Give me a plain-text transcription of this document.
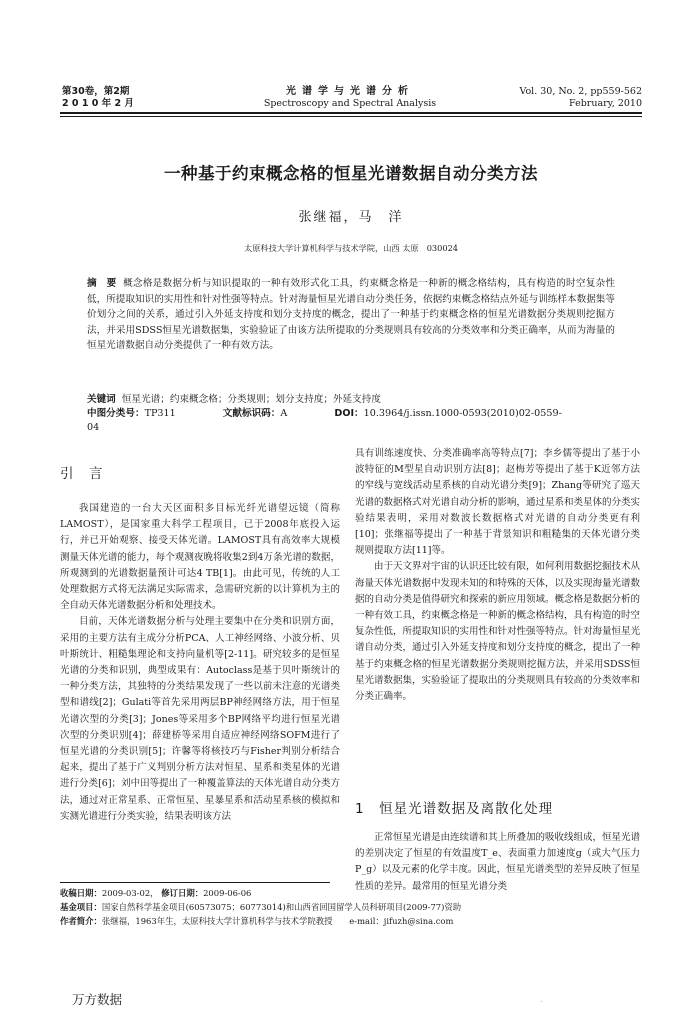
第30卷，第2期
2 0 1 0 年 2 月
光谱学与光谱分析
Spectroscopy and Spectral Analysis
Vol. 30, No. 2, pp559-562
February, 2010
一种基于约束概念格的恒星光谱数据自动分类方法
张继福，马　洋
太原科技大学计算机科学与技术学院，山西 太原　030024
摘　要 概念格是数据分析与知识提取的一种有效形式化工具，约束概念格是一种新的概念格结构，具有构造的时空复杂性低，所提取知识的实用性和针对性强等特点。针对海量恒星光谱自动分类任务，依据约束概念格结点外延与训练样本数据集等价划分之间的关系，通过引入外延支持度和划分支持度的概念，提出了一种基于约束概念格的恒星光谱数据分类规则挖掘方法，并采用SDSS恒星光谱数据集，实验验证了由该方法所提取的分类规则具有较高的分类效率和分类正确率，从而为海量的恒星光谱数据自动分类提供了一种有效方法。
关键词 恒星光谱；约束概念格；分类规则；划分支持度；外延支持度
中图分类号：TP311	文献标识码：A	DOI：10.3964/j.issn.1000-0593(2010)02-0559-04
引　言

我国建造的一台大天区面积多目标光纤光谱望远镜（简称LAMOST），是国家重大科学工程项目，已于2008年底投入运行，并已开始观察、接受天体光谱。LAMOST具有高效率大规模测量天体光谱的能力，每个观测夜晚将收集2到4万条光谱的数据，所观测到的光谱数据量预计可达4 TB[1]。由此可见，传统的人工处理数据方式将无法满足实际需求，急需研究新的以计算机为主的全自动天体光谱数据分析和处理技术。

目前，天体光谱数据分析与处理主要集中在分类和识别方面，采用的主要方法有主成分分析PCA、人工神经网络、小波分析、贝叶斯统计、粗糙集理论和支持向量机等[2-11]。研究较多的是恒星光谱的分类和识别，典型成果有：Autoclass是基于贝叶斯统计的一种分类方法，其独特的分类结果发现了一些以前未注意的光谱类型和谱线[2]；Gulati等首先采用两层BP神经网络方法，用于恒星光谱次型的分类[3]；Jones等采用多个BP网络平均进行恒星光谱次型的分类识别[4]；薛建桥等采用自适应神经网络SOFM进行了恒星光谱的分类识别[5]；许馨等将核技巧与Fisher判别分析结合起来，提出了基于广义判别分析方法对恒星、星系和类星体的光谱进行分类[6]；刘中田等提出了一种覆盖算法的天体光谱自动分类方法，通过对正常星系、正常恒星、星暴星系和活动星系核的模拟和实测光谱进行分类实验，结果表明该方法

具有训练速度快、分类准确率高等特点[7]；李乡儒等提出了基于小波特征的M型星自动识别方法[8]；赵梅芳等提出了基于K近邻方法的窄线与宽线活动星系核的自动光谱分类[9]；Zhang等研究了巡天光谱的数据格式对光谱自动分析的影响，通过星系和类星体的分类实验结果表明，采用对数波长数据格式对光谱的自动分类更有利[10]；张继福等提出了一种基于背景知识和粗糙集的天体光谱分类规则提取方法[11]等。

由于天文界对宇宙的认识还比较有限，如何利用数据挖掘技术从海量天体光谱数据中发现未知的和特殊的天体，以及实现海量光谱数据的自动分类是值得研究和探索的新应用领域。概念格是数据分析的一种有效工具，约束概念格是一种新的概念格结构，具有构造的时空复杂性低，所提取知识的实用性和针对性强等特点。针对海量恒星光谱自动分类，通过引入外延支持度和划分支持度的概念，提出了一种基于约束概念格的恒星光谱数据分类规则挖掘方法，并采用SDSS恒星光谱数据集，实验验证了提取出的分类规则具有较高的分类效率和分类正确率。

1　恒星光谱数据及离散化处理

正常恒星光谱是由连续谱和其上所叠加的吸收线组成，恒星光谱的差别决定了恒星的有效温度T_e、表面重力加速度g（或大气压力P_g）以及元素的化学丰度。因此，恒星光谱类型的差异反映了恒星性质的差异。最常用的恒星光谱分类

收稿日期：2009-03-02， 修订日期：2009-06-06
基金项目：国家自然科学基金项目(60573075；60773014)和山西省回国留学人员科研项目(2009-77)资助
作者简介：张继福，1963年生，太原科技大学计算机科学与技术学院教授　　e-mail：jifuzh@sina.com
万方数据	.
